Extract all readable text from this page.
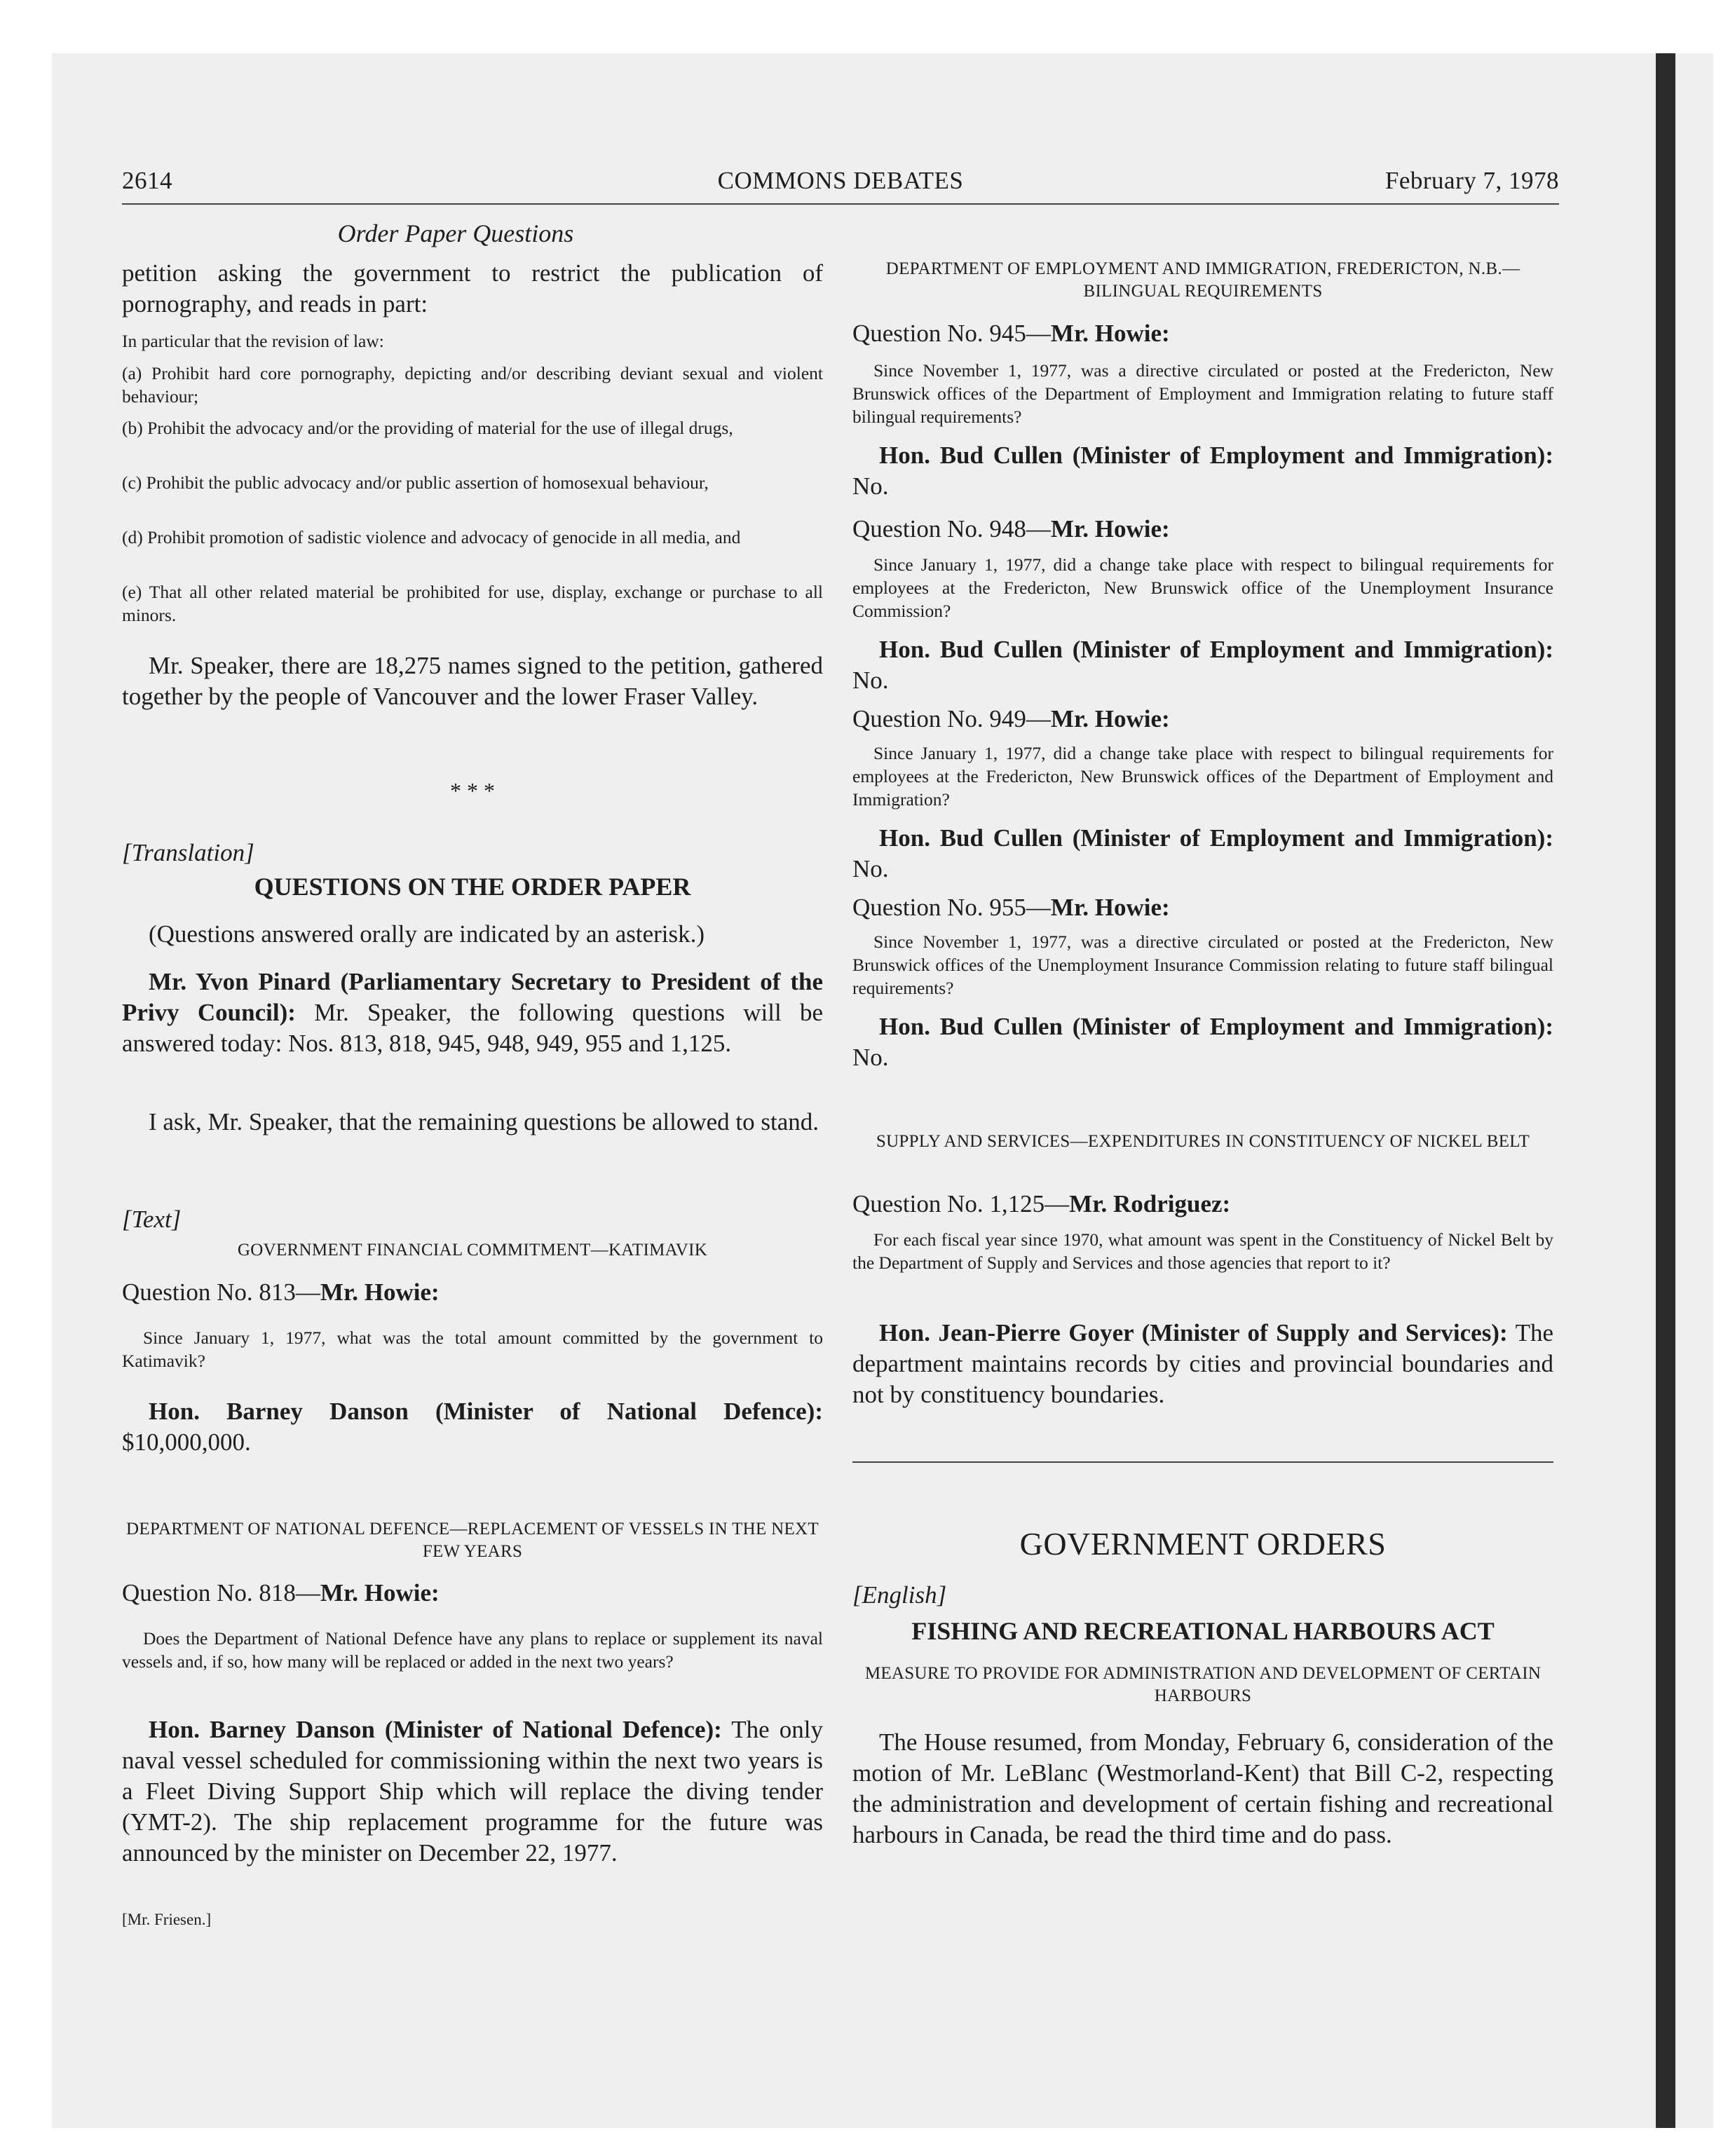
2614	COMMONS DEBATES	February 7, 1978
Order Paper Questions

petition asking the government to restrict the publication of pornography, and reads in part:

In particular that the revision of law:

(a) Prohibit hard core pornography, depicting and/or describing deviant sexual and violent behaviour;

(b) Prohibit the advocacy and/or the providing of material for the use of illegal drugs,

(c) Prohibit the public advocacy and/or public assertion of homosexual behaviour,

(d) Prohibit promotion of sadistic violence and advocacy of genocide in all media, and

(e) That all other related material be prohibited for use, display, exchange or purchase to all minors.

Mr. Speaker, there are 18,275 names signed to the petition, gathered together by the people of Vancouver and the lower Fraser Valley.

* * *

[Translation]

QUESTIONS ON THE ORDER PAPER

(Questions answered orally are indicated by an asterisk.)

Mr. Yvon Pinard (Parliamentary Secretary to President of the Privy Council): Mr. Speaker, the following questions will be answered today: Nos. 813, 818, 945, 948, 949, 955 and 1,125.

I ask, Mr. Speaker, that the remaining questions be allowed to stand.

[Text]

GOVERNMENT FINANCIAL COMMITMENT—KATIMAVIK

Question No. 813—Mr. Howie:

Since January 1, 1977, what was the total amount committed by the government to Katimavik?

Hon. Barney Danson (Minister of National Defence): $10,000,000.

DEPARTMENT OF NATIONAL DEFENCE—REPLACEMENT OF VESSELS IN THE NEXT FEW YEARS

Question No. 818—Mr. Howie:

Does the Department of National Defence have any plans to replace or supplement its naval vessels and, if so, how many will be replaced or added in the next two years?

Hon. Barney Danson (Minister of National Defence): The only naval vessel scheduled for commissioning within the next two years is a Fleet Diving Support Ship which will replace the diving tender (YMT-2). The ship replacement programme for the future was announced by the minister on December 22, 1977.

[Mr. Friesen.]

DEPARTMENT OF EMPLOYMENT AND IMMIGRATION, FREDERICTON, N.B.—BILINGUAL REQUIREMENTS

Question No. 945—Mr. Howie:

Since November 1, 1977, was a directive circulated or posted at the Fredericton, New Brunswick offices of the Department of Employment and Immigration relating to future staff bilingual requirements?

Hon. Bud Cullen (Minister of Employment and Immigration): No.

Question No. 948—Mr. Howie:

Since January 1, 1977, did a change take place with respect to bilingual requirements for employees at the Fredericton, New Brunswick office of the Unemployment Insurance Commission?

Hon. Bud Cullen (Minister of Employment and Immigration): No.

Question No. 949—Mr. Howie:

Since January 1, 1977, did a change take place with respect to bilingual requirements for employees at the Fredericton, New Brunswick offices of the Department of Employment and Immigration?

Hon. Bud Cullen (Minister of Employment and Immigration): No.

Question No. 955—Mr. Howie:

Since November 1, 1977, was a directive circulated or posted at the Fredericton, New Brunswick offices of the Unemployment Insurance Commission relating to future staff bilingual requirements?

Hon. Bud Cullen (Minister of Employment and Immigration): No.

SUPPLY AND SERVICES—EXPENDITURES IN CONSTITUENCY OF NICKEL BELT

Question No. 1,125—Mr. Rodriguez:

For each fiscal year since 1970, what amount was spent in the Constituency of Nickel Belt by the Department of Supply and Services and those agencies that report to it?

Hon. Jean-Pierre Goyer (Minister of Supply and Services): The department maintains records by cities and provincial boundaries and not by constituency boundaries.

GOVERNMENT ORDERS

[English]

FISHING AND RECREATIONAL HARBOURS ACT

MEASURE TO PROVIDE FOR ADMINISTRATION AND DEVELOPMENT OF CERTAIN HARBOURS

The House resumed, from Monday, February 6, consideration of the motion of Mr. LeBlanc (Westmorland-Kent) that Bill C-2, respecting the administration and development of certain fishing and recreational harbours in Canada, be read the third time and do pass.
